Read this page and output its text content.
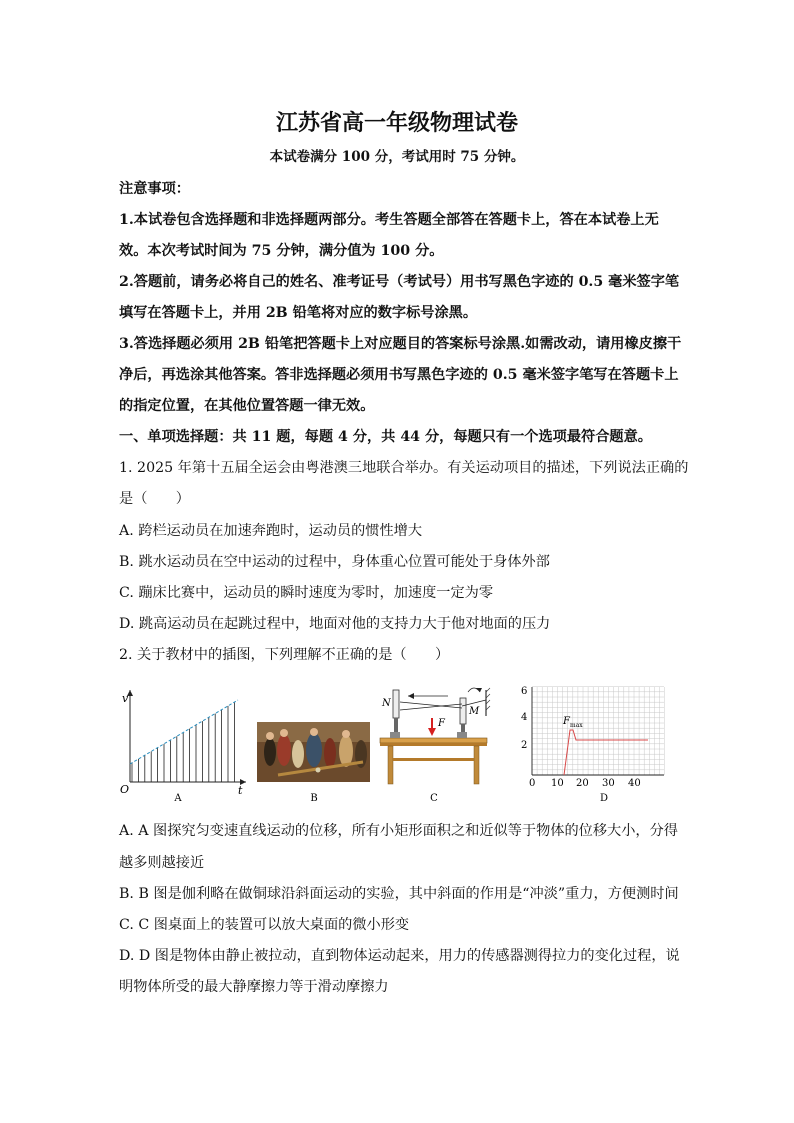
江苏省高一年级物理试卷
本试卷满分 100 分，考试用时 75 分钟。
注意事项：
1.本试卷包含选择题和非选择题两部分。考生答题全部答在答题卡上，答在本试卷上无
效。本次考试时间为 75 分钟，满分值为 100 分。
2.答题前，请务必将自己的姓名、准考证号（考试号）用书写黑色字迹的 0.5 毫米签字笔
填写在答题卡上，并用 2B 铅笔将对应的数字标号涂黑。
3.答选择题必须用 2B 铅笔把答题卡上对应题目的答案标号涂黑.如需改动，请用橡皮擦干
净后，再选涂其他答案。答非选择题必须用书写黑色字迹的 0.5 毫米签字笔写在答题卡上
的指定位置，在其他位置答题一律无效。
一、单项选择题：共 11 题，每题 4 分，共 44 分，每题只有一个选项最符合题意。
1. 2025 年第十五届全运会由粤港澳三地联合举办。有关运动项目的描述，下列说法正确的
是（　　）
A. 跨栏运动员在加速奔跑时，运动员的惯性增大
B. 跳水运动员在空中运动的过程中，身体重心位置可能处于身体外部
C. 蹦床比赛中，运动员的瞬时速度为零时，加速度一定为零
D. 跳高运动员在起跳过程中，地面对他的支持力大于他对地面的压力
2. 关于教材中的插图，下列理解不正确的是（　　）
v
t
O
A	B
N
M
F
C
6
4
2
0 10 20 30 40
F max
D
A. A 图探究匀变速直线运动的位移，所有小矩形面积之和近似等于物体的位移大小，分得
越多则越接近
B. B 图是伽利略在做铜球沿斜面运动的实验，其中斜面的作用是“冲淡”重力，方便测时间
C. C 图桌面上的装置可以放大桌面的微小形变
D. D 图是物体由静止被拉动，直到物体运动起来，用力的传感器测得拉力的变化过程，说
明物体所受的最大静摩擦力等于滑动摩擦力
